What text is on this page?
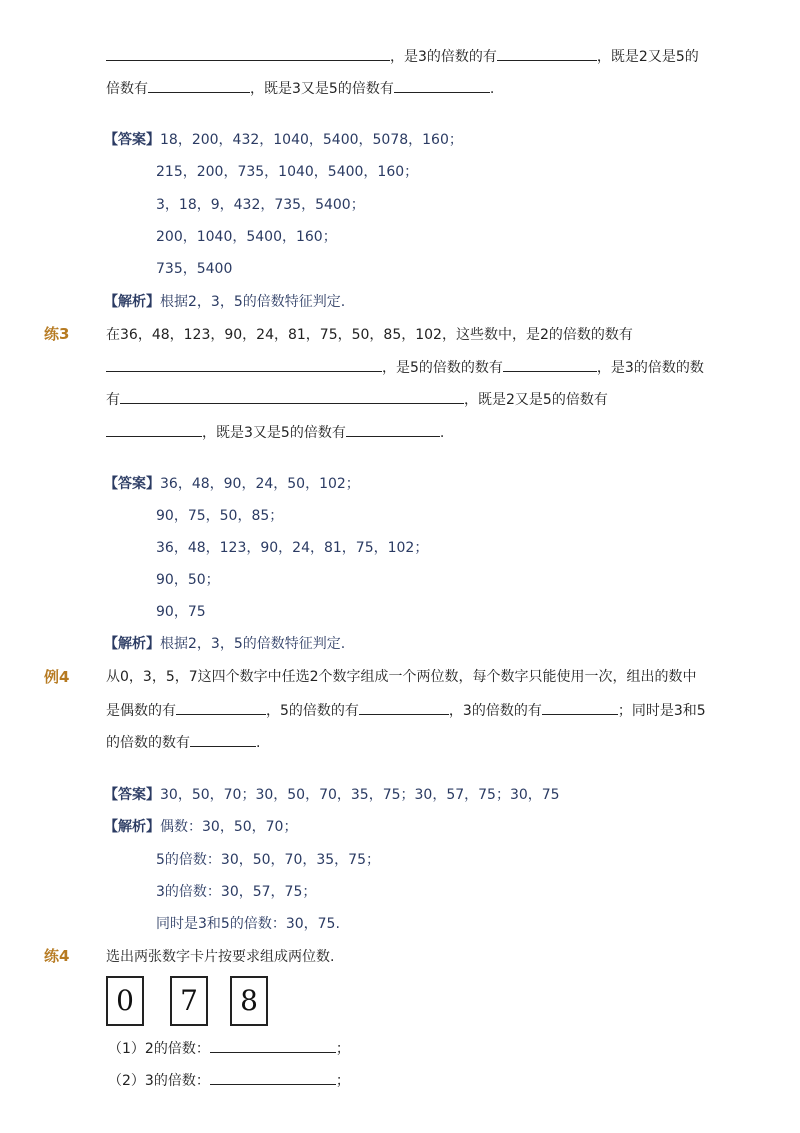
，是3的倍数的有	，既是2又是5的
倍数有	，既是3又是5的倍数有	.
【答案】18，200，432，1040，5400，5078，160；
215，200，735，1040，5400，160；
3，18，9，432，735，5400；
200，1040，5400，160；
735，5400
【解析】根据2，3，5的倍数特征判定.
练3	在36，48，123，90，24，81，75，50，85，102，这些数中，是2的倍数的数有
，是5的倍数的数有	，是3的倍数的数
有	，既是2又是5的倍数有
，既是3又是5的倍数有	.
【答案】36，48，90，24，50，102；
90，75，50，85；
36，48，123，90，24，81，75，102；
90，50；
90，75
【解析】根据2，3，5的倍数特征判定.
例4	从0，3，5，7这四个数字中任选2个数字组成一个两位数，每个数字只能使用一次，组出的数中
是偶数的有	，5的倍数的有	，3的倍数的有	；同时是3和5
的倍数的数有	.
【答案】30，50，70；30，50，70，35，75；30，57，75；30，75
【解析】偶数：30，50，70；
5的倍数：30，50，70，35，75；
3的倍数：30，57，75；
同时是3和5的倍数：30，75.
练4	选出两张数字卡片按要求组成两位数.
0	7	8
（1）2的倍数：	；
（2）3的倍数：	；
